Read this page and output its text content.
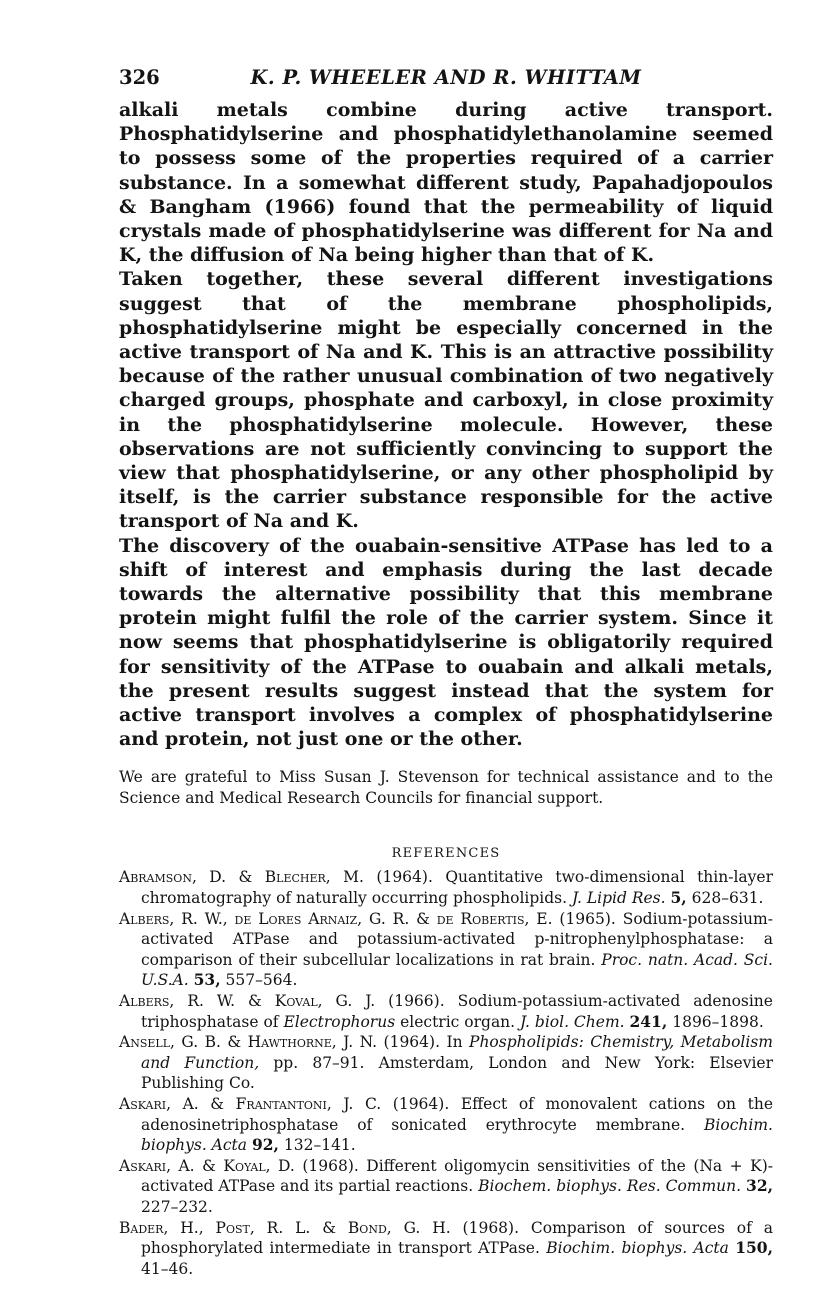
326	K. P. WHEELER AND R. WHITTAM

alkali metals combine during active transport. Phosphatidylserine and phosphatidylethanolamine seemed to possess some of the properties required of a carrier substance. In a somewhat different study, Papahadjopoulos & Bangham (1966) found that the permeability of liquid crystals made of phosphatidylserine was different for Na and K, the diffusion of Na being higher than that of K.

Taken together, these several different investigations suggest that of the membrane phospholipids, phosphatidylserine might be especially concerned in the active transport of Na and K. This is an attractive possibility because of the rather unusual combination of two negatively charged groups, phosphate and carboxyl, in close proximity in the phosphatidylserine molecule. However, these observations are not sufficiently convincing to support the view that phosphatidylserine, or any other phospholipid by itself, is the carrier substance responsible for the active transport of Na and K.

The discovery of the ouabain-sensitive ATPase has led to a shift of interest and emphasis during the last decade towards the alternative possibility that this membrane protein might fulfil the role of the carrier system. Since it now seems that phosphatidylserine is obligatorily required for sensitivity of the ATPase to ouabain and alkali metals, the present results suggest instead that the system for active transport involves a complex of phosphatidylserine and protein, not just one or the other.

We are grateful to Miss Susan J. Stevenson for technical assistance and to the Science and Medical Research Councils for financial support.

REFERENCES

Abramson, D. & Blecher, M. (1964). Quantitative two-dimensional thin-layer chromatography of naturally occurring phospholipids. J. Lipid Res. 5, 628–631.

Albers, R. W., de Lores Arnaiz, G. R. & de Robertis, E. (1965). Sodium-potassium-activated ATPase and potassium-activated p-nitrophenylphosphatase: a comparison of their subcellular localizations in rat brain. Proc. natn. Acad. Sci. U.S.A. 53, 557–564.

Albers, R. W. & Koval, G. J. (1966). Sodium-potassium-activated adenosine triphosphatase of Electrophorus electric organ. J. biol. Chem. 241, 1896–1898.

Ansell, G. B. & Hawthorne, J. N. (1964). In Phospholipids: Chemistry, Metabolism and Function, pp. 87–91. Amsterdam, London and New York: Elsevier Publishing Co.

Askari, A. & Frantantoni, J. C. (1964). Effect of monovalent cations on the adenosinetriphosphatase of sonicated erythrocyte membrane. Biochim. biophys. Acta 92, 132–141.

Askari, A. & Koyal, D. (1968). Different oligomycin sensitivities of the (Na + K)-activated ATPase and its partial reactions. Biochem. biophys. Res. Commun. 32, 227–232.

Bader, H., Post, R. L. & Bond, G. H. (1968). Comparison of sources of a phosphorylated intermediate in transport ATPase. Biochim. biophys. Acta 150, 41–46.
